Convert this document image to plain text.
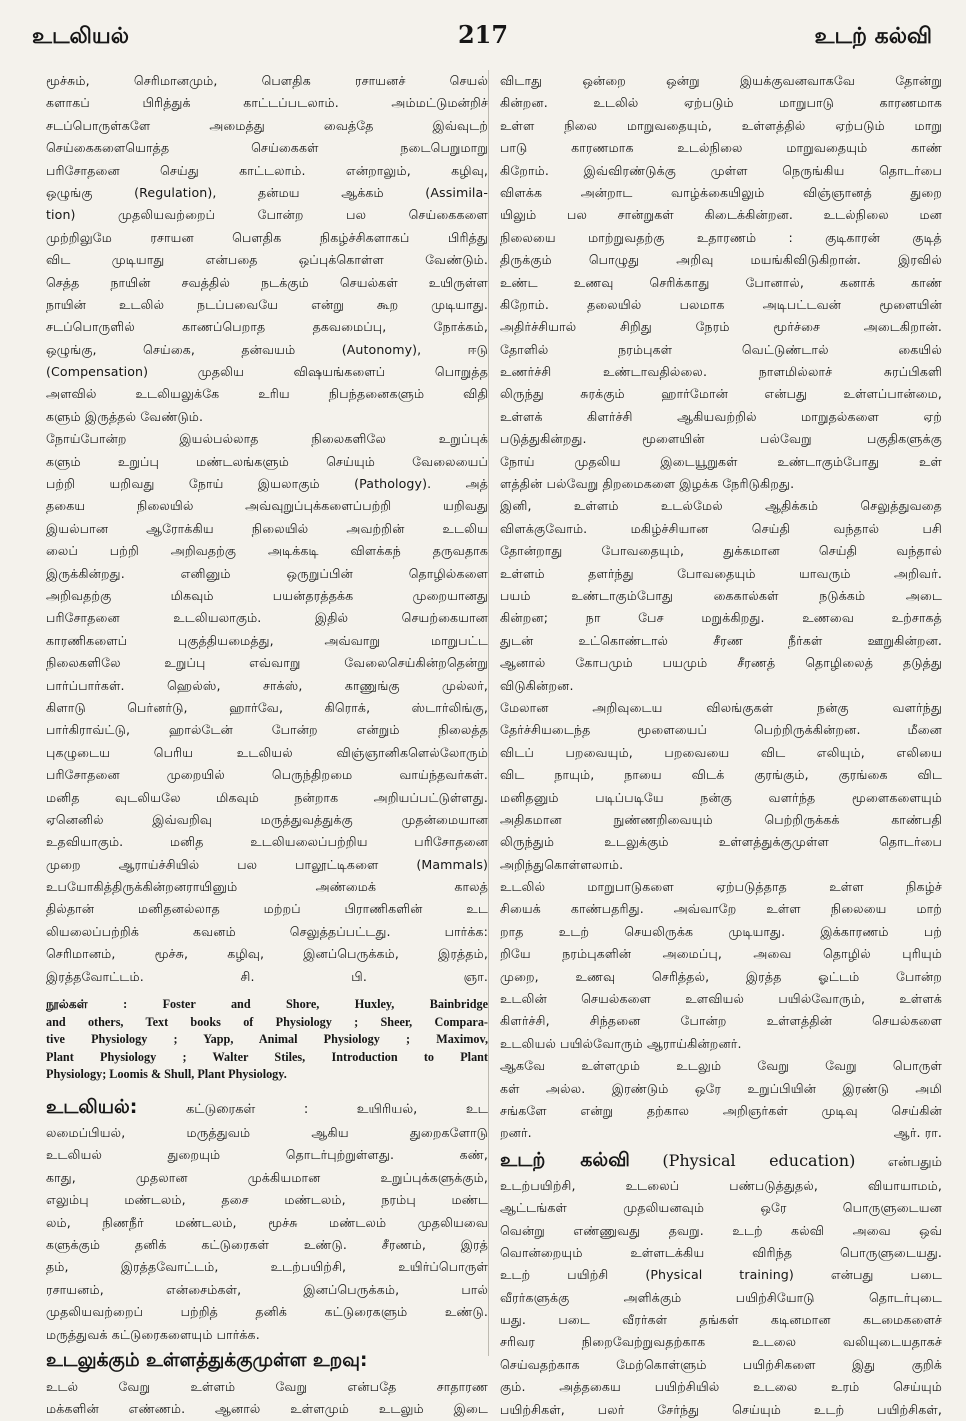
உடலியல்	217	உடற் கல்வி
மூச்சும், செரிமானமும், பௌதிக ரசாயனச் செயல்
களாகப் பிரித்துக் காட்டப்படலாம். அம்மட்டுமன்றிச்
சடப்பொருள்களே அமைத்து வைத்தே இவ்வுடற்
செய்கைகளையொத்த செய்கைகள் நடைபெறுமாறு
பரிசோதனை செய்து காட்டலாம். என்றாலும், கழிவு,
ஒழுங்கு (Regulation), தன்மய ஆக்கம் (Assimila-
tion) முதலியவற்றைப் போன்ற பல செய்கைகளை
முற்றிலுமே ரசாயன பௌதிக நிகழ்ச்சிகளாகப் பிரித்து
விட முடியாது என்பதை ஒப்புக்கொள்ள வேண்டும்.
செத்த நாயின் சவத்தில் நடக்கும் செயல்கள் உயிருள்ள
நாயின் உடலில் நடப்பவையே என்று கூற முடியாது.
சடப்பொருளில் காணப்பெறாத தகவமைப்பு, நோக்கம்,
ஒழுங்கு, செய்கை, தன்வயம் (Autonomy), ஈடு
(Compensation) முதலிய விஷயங்களைப் பொறுத்த
அளவில் உடலியலுக்கே உரிய நிபந்தனைகளும் விதி
களும் இருத்தல் வேண்டும்.
நோய்போன்ற இயல்பல்லாத நிலைகளிலே உறுப்புக்
களும் உறுப்பு மண்டலங்களும் செய்யும் வேலையைப்
பற்றி யறிவது நோய் இயலாகும் (Pathology). அத்
தகைய நிலையில் அவ்வுறுப்புக்களைப்பற்றி யறிவது
இயல்பான ஆரோக்கிய நிலையில் அவற்றின் உடலிய
லைப் பற்றி அறிவதற்கு அடிக்கடி விளக்கந் தருவதாக
இருக்கின்றது. எனினும் ஒருறுப்பின் தொழில்களை
அறிவதற்கு மிகவும் பயன்தரத்தக்க முறையானது
பரிசோதனை உடலியலாகும். இதில் செயற்கையான
காரணிகளைப் புகுத்தியமைத்து, அவ்வாறு மாறுபட்ட
நிலைகளிலே உறுப்பு எவ்வாறு வேலைசெய்கின்றதென்று
பார்ப்பார்கள். ஹெல்ஸ், சாக்ஸ், காணுங்கு முல்லர்,
கிளாடு பெர்னர்டு, ஹார்வே, கிரொக், ஸ்டார்லிங்கு,
பார்கிராவ்ட்டு, ஹால்டேன் போன்ற என்றும் நிலைத்த
புகழுடைய பெரிய உடலியல் விஞ்ஞானிகளெல்லோரும்
பரிசோதனை முறையில் பெருந்திறமை வாய்ந்தவர்கள்.
மனித வுடலியலே மிகவும் நன்றாக அறியப்பட்டுள்ளது.
ஏனெனில் இவ்வறிவு மருத்துவத்துக்கு முதன்மையான
உதவியாகும். மனித உடலியலைப்பற்றிய பரிசோதனை
முறை ஆராய்ச்சியில் பல பாலூட்டிகளை (Mammals)
உபயோகித்திருக்கின்றனராயினும் அண்மைக் காலத்
தில்தான் மனிதனல்லாத மற்றப் பிராணிகளின் உட
லியலைப்பற்றிக் கவனம் செலுத்தப்பட்டது. பார்க்க:
செரிமானம், மூச்சு, கழிவு, இனப்பெருக்கம், இரத்தம்,
இரத்தவோட்டம். சி. பி. ஞா.
நூல்கள் : Foster and Shore, Huxley, Bainbridge
and others, Text books of Physiology ; Sheer, Compara-
tive Physiology ; Yapp, Animal Physiology ; Maximov,
Plant Physiology ; Walter Stiles, Introduction to Plant
Physiology; Loomis & Shull, Plant Physiology.
உடலியல்:	கட்டுரைகள் : உயிரியல், உட
லமைப்பியல், மருத்துவம் ஆகிய துறைகளோடு
உடலியல் துறையும் தொடர்புற்றுள்ளது. கண்,
காது, முதலான முக்கியமான உறுப்புக்களுக்கும்,
எலும்பு மண்டலம், தசை மண்டலம், நரம்பு மண்ட
லம், நிணநீர் மண்டலம், மூச்சு மண்டலம் முதலியவை
களுக்கும் தனிக் கட்டுரைகள் உண்டு. சீரணம், இரத்
தம், இரத்தவோட்டம், உடற்பயிற்சி, உயிர்ப்பொருள்
ரசாயனம், என்சைம்கள், இனப்பெருக்கம், பால்
முதலியவற்றைப் பற்றித் தனிக் கட்டுரைகளும் உண்டு.
மருத்துவக் கட்டுரைகளையும் பார்க்க.
உடலுக்கும் உள்ளத்துக்குமுள்ள உறவு:
உடல் வேறு உள்ளம் வேறு என்பதே சாதாரண
மக்களின் எண்ணம். ஆனால் உள்ளமும் உடலும் இடை
விடாது ஒன்றை ஒன்று இயக்குவனவாகவே தோன்று
கின்றன. உடலில் ஏற்படும் மாறுபாடு காரணமாக
உள்ள நிலை மாறுவதையும், உள்ளத்தில் ஏற்படும் மாறு
பாடு காரணமாக உடல்நிலை மாறுவதையும் காண்
கிறோம். இவ்விரண்டுக்கு முள்ள நெருங்கிய தொடர்பை
விளக்க அன்றாட வாழ்க்கையிலும் விஞ்ஞானத் துறை
யிலும் பல சான்றுகள் கிடைக்கின்றன. உடல்நிலை மன
நிலையை மாற்றுவதற்கு உதாரணம் : குடிகாரன் குடித்
திருக்கும் பொழுது அறிவு மயங்கிவிடுகிறான். இரவில்
உண்ட உணவு செரிக்காது போனால், கனாக் காண்
கிறோம். தலையில் பலமாக அடிபட்டவன் மூளையின்
அதிர்ச்சியால் சிறிது நேரம் மூர்ச்சை அடைகிறான்.
தோளில் நரம்புகள் வெட்டுண்டால் கையில்
உணர்ச்சி உண்டாவதில்லை. நாளமில்லாச் சுரப்பிகளி
லிருந்து சுரக்கும் ஹார்மோன் என்பது உள்ளப்பான்மை,
உள்ளக் கிளர்ச்சி ஆகியவற்றில் மாறுதல்களை ஏற்
படுத்துகின்றது. மூளையின் பல்வேறு பகுதிகளுக்கு
நோய் முதலிய இடையூறுகள் உண்டாகும்போது உள்
ளத்தின் பல்வேறு திறமைகளை இழக்க நேரிடுகிறது.
இனி, உள்ளம் உடல்மேல் ஆதிக்கம் செலுத்துவதை
விளக்குவோம். மகிழ்ச்சியான செய்தி வந்தால் பசி
தோன்றாது போவதையும், துக்கமான செய்தி வந்தால்
உள்ளம் தளர்ந்து போவதையும் யாவரும் அறிவர்.
பயம் உண்டாகும்போது கைகால்கள் நடுக்கம் அடை
கின்றன; நா பேச மறுக்கிறது. உணவை உற்சாகத்
துடன் உட்கொண்டால் சீரண நீர்கள் ஊறுகின்றன.
ஆனால் கோபமும் பயமும் சீரணத் தொழிலைத் தடுத்து
விடுகின்றன.
மேலான அறிவுடைய விலங்குகள் நன்கு வளர்ந்து
தேர்ச்சியடைந்த மூளையைப் பெற்றிருக்கின்றன. மீனை
விடப் பறவையும், பறவையை விட எலியும், எலியை
விட நாயும், நாயை விடக் குரங்கும், குரங்கை விட
மனிதனும் படிப்படியே நன்கு வளர்ந்த மூளைகளையும்
அதிகமான நுண்ணறிவையும் பெற்றிருக்கக் காண்பதி
லிருந்தும் உடலுக்கும் உள்ளத்துக்குமுள்ள தொடர்பை
அறிந்துகொள்ளலாம்.
உடலில் மாறுபாடுகளை ஏற்படுத்தாத உள்ள நிகழ்ச்
சியைக் காண்பதரிது. அவ்வாறே உள்ள நிலையை மாற்
றாத உடற் செயலிருக்க முடியாது. இக்காரணம் பற்
றியே நரம்புகளின் அமைப்பு, அவை தொழில் புரியும்
முறை, உணவு செரித்தல், இரத்த ஓட்டம் போன்ற
உடலின் செயல்களை உளவியல் பயில்வோரும், உள்ளக்
கிளர்ச்சி, சிந்தனை போன்ற உள்ளத்தின் செயல்களை
உடலியல் பயில்வோரும் ஆராய்கின்றனர்.
ஆகவே உள்ளமும் உடலும் வேறு வேறு பொருள்
கள் அல்ல. இரண்டும் ஒரே உறுப்பியின் இரண்டு அமி
சங்களே என்று தற்கால அறிஞர்கள் முடிவு செய்கின்
றனர்.	ஆர். ரா.
உடற் கல்வி (Physical education)	என்பதும்
உடற்பயிற்சி, உடலைப் பண்படுத்துதல், வியாயாமம்,
ஆட்டங்கள் முதலியனவும் ஒரே பொருளுடையன
வென்று எண்ணுவது தவறு. உடற் கல்வி அவை ஒவ்
வொன்றையும் உள்ளடக்கிய விரிந்த பொருளுடையது.
உடற் பயிற்சி (Physical training) என்பது படை
வீரர்களுக்கு அளிக்கும் பயிற்சியோடு தொடர்புடை
யது. படை வீரர்கள் தங்கள் கடினமான கடமைகளைச்
சரிவர நிறைவேற்றுவதற்காக உடலை வலியுடையதாகச்
செய்வதற்காக மேற்கொள்ளும் பயிற்சிகளை இது குறிக்
கும். அத்தகைய பயிற்சியில் உடலை உரம் செய்யும்
பயிற்சிகள், பலர் சேர்ந்து செய்யும் உடற் பயிற்சிகள்,
